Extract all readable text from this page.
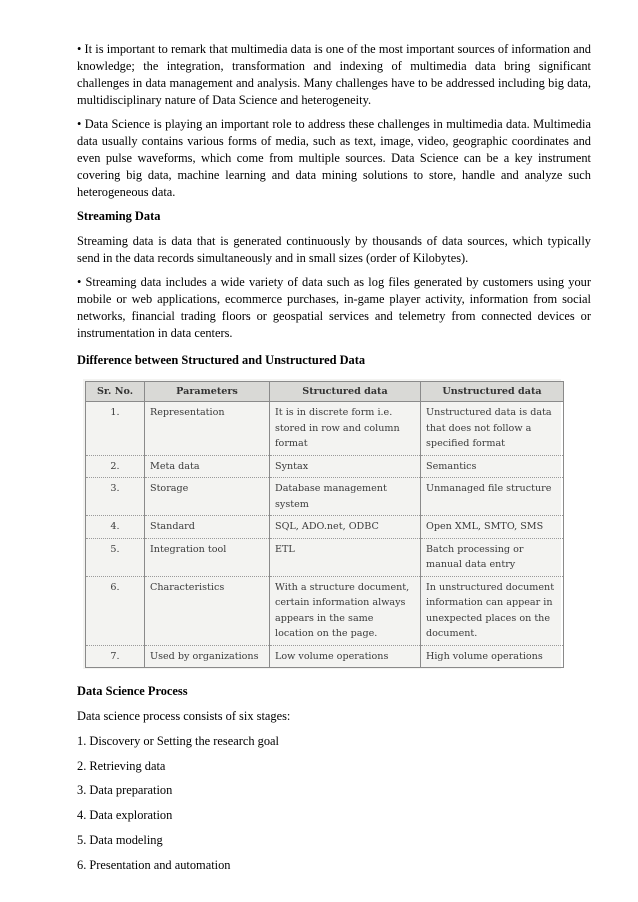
• It is important to remark that multimedia data is one of the most important sources of information and knowledge; the integration, transformation and indexing of multimedia data bring significant challenges in data management and analysis. Many challenges have to be addressed including big data, multidisciplinary nature of Data Science and heterogeneity.

• Data Science is playing an important role to address these challenges in multimedia data. Multimedia data usually contains various forms of media, such as text, image, video, geographic coordinates and even pulse waveforms, which come from multiple sources. Data Science can be a key instrument covering big data, machine learning and data mining solutions to store, handle and analyze such heterogeneous data.

Streaming Data

Streaming data is data that is generated continuously by thousands of data sources, which typically send in the data records simultaneously and in small sizes (order of Kilobytes).

• Streaming data includes a wide variety of data such as log files generated by customers using your mobile or web applications, ecommerce purchases, in-game player activity, information from social networks, financial trading floors or geospatial services and telemetry from connected devices or instrumentation in data centers.

Difference between Structured and Unstructured Data
Sr. No.	Parameters	Structured data	Unstructured data
1.	Representation	It is in discrete form i.e. stored in row and column format	Unstructured data is data that does not follow a specified format
2.	Meta data	Syntax	Semantics
3.	Storage	Database management system	Unmanaged file structure
4.	Standard	SQL, ADO.net, ODBC	Open XML, SMTO, SMS
5.	Integration tool	ETL	Batch processing or manual data entry
6.	Characteristics	With a structure document, certain information always appears in the same location on the page.	In unstructured document information can appear in unexpected places on the document.
7.	Used by organizations	Low volume operations	High volume operations
Data Science Process
Data science process consists of six stages:
1. Discovery or Setting the research goal
2. Retrieving data
3. Data preparation
4. Data exploration
5. Data modeling
6. Presentation and automation
